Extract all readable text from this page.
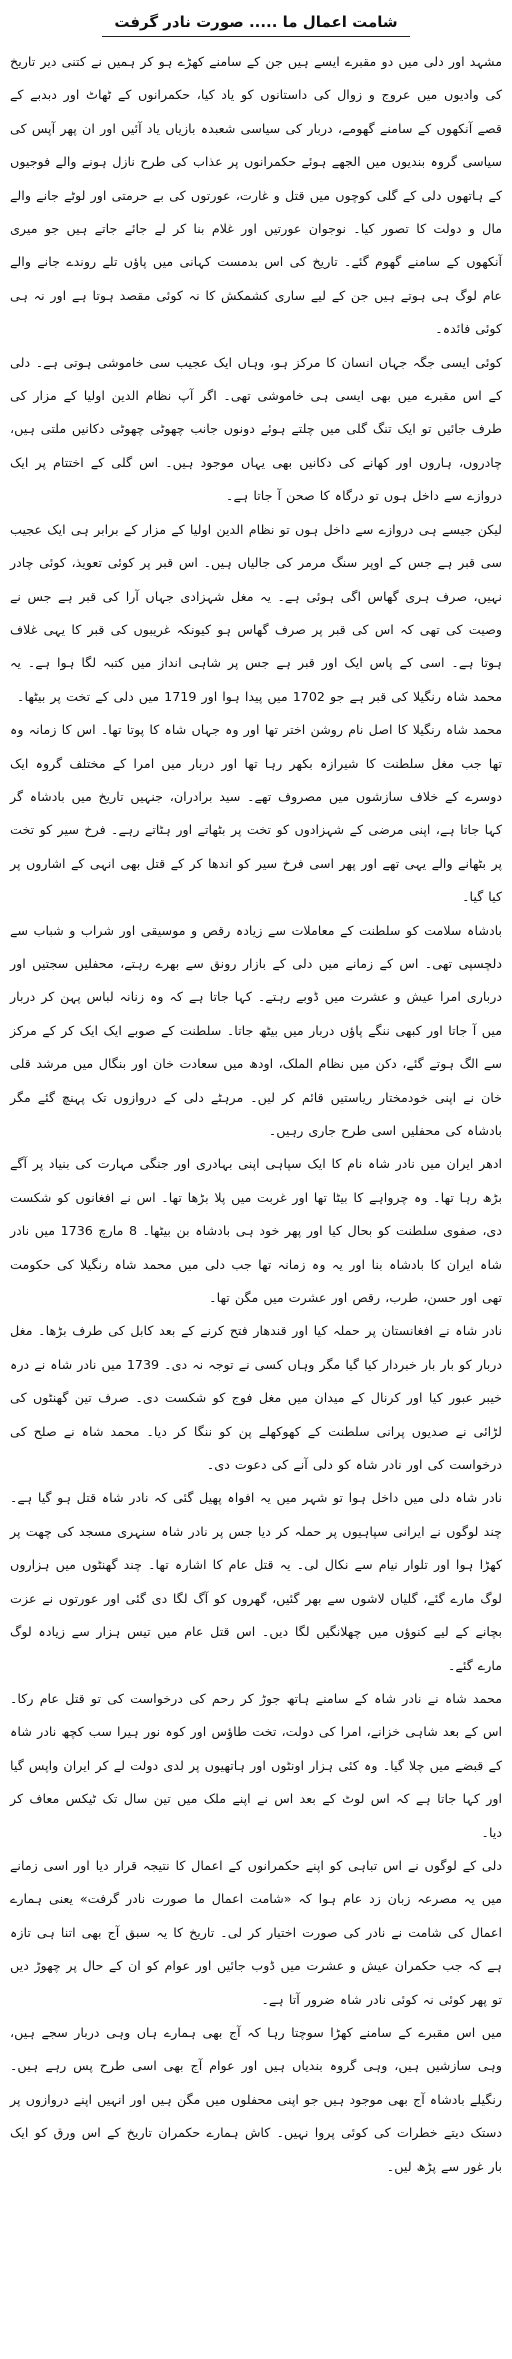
شامت اعمال ما ..... صورت نادر گرفت

مشہد اور دلی میں دو مقبرے ایسے ہیں جن کے سامنے کھڑے ہو کر ہمیں نے کتنی دیر تاریخ کی وادیوں میں عروج و زوال کی داستانوں کو یاد کیا، حکمرانوں کے ٹھاٹ اور دبدبے کے قصے آنکھوں کے سامنے گھومے، دربار کی سیاسی شعبدہ بازیاں یاد آئیں اور ان پھر آپس کی سیاسی گروہ بندیوں میں الجھے ہوئے حکمرانوں پر عذاب کی طرح نازل ہونے والے فوجیوں کے ہاتھوں دلی کے گلی کوچوں میں قتل و غارت، عورتوں کی بے حرمتی اور لوٹے جانے والے مال و دولت کا تصور کیا۔ نوجوان عورتیں اور غلام بنا کر لے جائے جاتے ہیں جو میری آنکھوں کے سامنے گھوم گئے۔ تاریخ کی اس بدمست کہانی میں پاؤں تلے روندے جانے والے عام لوگ ہی ہوتے ہیں جن کے لیے ساری کشمکش کا نہ کوئی مقصد ہوتا ہے اور نہ ہی کوئی فائدہ۔

کوئی ایسی جگہ جہاں انسان کا مرکز ہو، وہاں ایک عجیب سی خاموشی ہوتی ہے۔ دلی کے اس مقبرے میں بھی ایسی ہی خاموشی تھی۔ اگر آپ نظام الدین اولیا کے مزار کی طرف جائیں تو ایک تنگ گلی میں چلتے ہوئے دونوں جانب چھوٹی چھوٹی دکانیں ملتی ہیں، چادروں، ہاروں اور کھانے کی دکانیں بھی یہاں موجود ہیں۔ اس گلی کے اختتام پر ایک دروازے سے داخل ہوں تو درگاہ کا صحن آ جاتا ہے۔

لیکن جیسے ہی دروازے سے داخل ہوں تو نظام الدین اولیا کے مزار کے برابر ہی ایک عجیب سی قبر ہے جس کے اوپر سنگ مرمر کی جالیاں ہیں۔ اس قبر پر کوئی تعویذ، کوئی چادر نہیں، صرف ہری گھاس اگی ہوئی ہے۔ یہ مغل شہزادی جہاں آرا کی قبر ہے جس نے وصیت کی تھی کہ اس کی قبر پر صرف گھاس ہو کیونکہ غریبوں کی قبر کا یہی غلاف ہوتا ہے۔ اسی کے پاس ایک اور قبر ہے جس پر شاہی انداز میں کتبہ لگا ہوا ہے۔ یہ محمد شاہ رنگیلا کی قبر ہے جو 1702 میں پیدا ہوا اور 1719 میں دلی کے تخت پر بیٹھا۔

محمد شاہ رنگیلا کا اصل نام روشن اختر تھا اور وہ جہاں شاہ کا پوتا تھا۔ اس کا زمانہ وہ تھا جب مغل سلطنت کا شیرازہ بکھر رہا تھا اور دربار میں امرا کے مختلف گروہ ایک دوسرے کے خلاف سازشوں میں مصروف تھے۔ سید برادران، جنہیں تاریخ میں بادشاہ گر کہا جاتا ہے، اپنی مرضی کے شہزادوں کو تخت پر بٹھاتے اور ہٹاتے رہے۔ فرخ سیر کو تخت پر بٹھانے والے یہی تھے اور پھر اسی فرخ سیر کو اندھا کر کے قتل بھی انہی کے اشاروں پر کیا گیا۔

بادشاہ سلامت کو سلطنت کے معاملات سے زیادہ رقص و موسیقی اور شراب و شباب سے دلچسپی تھی۔ اس کے زمانے میں دلی کے بازار رونق سے بھرے رہتے، محفلیں سجتیں اور درباری امرا عیش و عشرت میں ڈوبے رہتے۔ کہا جاتا ہے کہ وہ زنانہ لباس پہن کر دربار میں آ جاتا اور کبھی ننگے پاؤں دربار میں بیٹھ جاتا۔ سلطنت کے صوبے ایک ایک کر کے مرکز سے الگ ہوتے گئے، دکن میں نظام الملک، اودھ میں سعادت خان اور بنگال میں مرشد قلی خان نے اپنی خودمختار ریاستیں قائم کر لیں۔ مرہٹے دلی کے دروازوں تک پہنچ گئے مگر بادشاہ کی محفلیں اسی طرح جاری رہیں۔

ادھر ایران میں نادر شاہ نام کا ایک سپاہی اپنی بہادری اور جنگی مہارت کی بنیاد پر آگے بڑھ رہا تھا۔ وہ چرواہے کا بیٹا تھا اور غربت میں پلا بڑھا تھا۔ اس نے افغانوں کو شکست دی، صفوی سلطنت کو بحال کیا اور پھر خود ہی بادشاہ بن بیٹھا۔ 8 مارچ 1736 میں نادر شاہ ایران کا بادشاہ بنا اور یہ وہ زمانہ تھا جب دلی میں محمد شاہ رنگیلا کی حکومت تھی اور حسن، طرب، رقص اور عشرت میں مگن تھا۔

نادر شاہ نے افغانستان پر حملہ کیا اور قندھار فتح کرنے کے بعد کابل کی طرف بڑھا۔ مغل دربار کو بار بار خبردار کیا گیا مگر وہاں کسی نے توجہ نہ دی۔ 1739 میں نادر شاہ نے درہ خیبر عبور کیا اور کرنال کے میدان میں مغل فوج کو شکست دی۔ صرف تین گھنٹوں کی لڑائی نے صدیوں پرانی سلطنت کے کھوکھلے پن کو ننگا کر دیا۔ محمد شاہ نے صلح کی درخواست کی اور نادر شاہ کو دلی آنے کی دعوت دی۔

نادر شاہ دلی میں داخل ہوا تو شہر میں یہ افواہ پھیل گئی کہ نادر شاہ قتل ہو گیا ہے۔ چند لوگوں نے ایرانی سپاہیوں پر حملہ کر دیا جس پر نادر شاہ سنہری مسجد کی چھت پر کھڑا ہوا اور تلوار نیام سے نکال لی۔ یہ قتل عام کا اشارہ تھا۔ چند گھنٹوں میں ہزاروں لوگ مارے گئے، گلیاں لاشوں سے بھر گئیں، گھروں کو آگ لگا دی گئی اور عورتوں نے عزت بچانے کے لیے کنوؤں میں چھلانگیں لگا دیں۔ اس قتل عام میں تیس ہزار سے زیادہ لوگ مارے گئے۔

محمد شاہ نے نادر شاہ کے سامنے ہاتھ جوڑ کر رحم کی درخواست کی تو قتل عام رکا۔ اس کے بعد شاہی خزانے، امرا کی دولت، تخت طاؤس اور کوہ نور ہیرا سب کچھ نادر شاہ کے قبضے میں چلا گیا۔ وہ کئی ہزار اونٹوں اور ہاتھیوں پر لدی دولت لے کر ایران واپس گیا اور کہا جاتا ہے کہ اس لوٹ کے بعد اس نے اپنے ملک میں تین سال تک ٹیکس معاف کر دیا۔

دلی کے لوگوں نے اس تباہی کو اپنے حکمرانوں کے اعمال کا نتیجہ قرار دیا اور اسی زمانے میں یہ مصرعہ زبان زد عام ہوا کہ «شامت اعمال ما صورت نادر گرفت» یعنی ہمارے اعمال کی شامت نے نادر کی صورت اختیار کر لی۔ تاریخ کا یہ سبق آج بھی اتنا ہی تازہ ہے کہ جب حکمران عیش و عشرت میں ڈوب جائیں اور عوام کو ان کے حال پر چھوڑ دیں تو پھر کوئی نہ کوئی نادر شاہ ضرور آتا ہے۔

میں اس مقبرے کے سامنے کھڑا سوچتا رہا کہ آج بھی ہمارے ہاں وہی دربار سجے ہیں، وہی سازشیں ہیں، وہی گروہ بندیاں ہیں اور عوام آج بھی اسی طرح پس رہے ہیں۔ رنگیلے بادشاہ آج بھی موجود ہیں جو اپنی محفلوں میں مگن ہیں اور انہیں اپنے دروازوں پر دستک دیتے خطرات کی کوئی پروا نہیں۔ کاش ہمارے حکمران تاریخ کے اس ورق کو ایک بار غور سے پڑھ لیں۔
